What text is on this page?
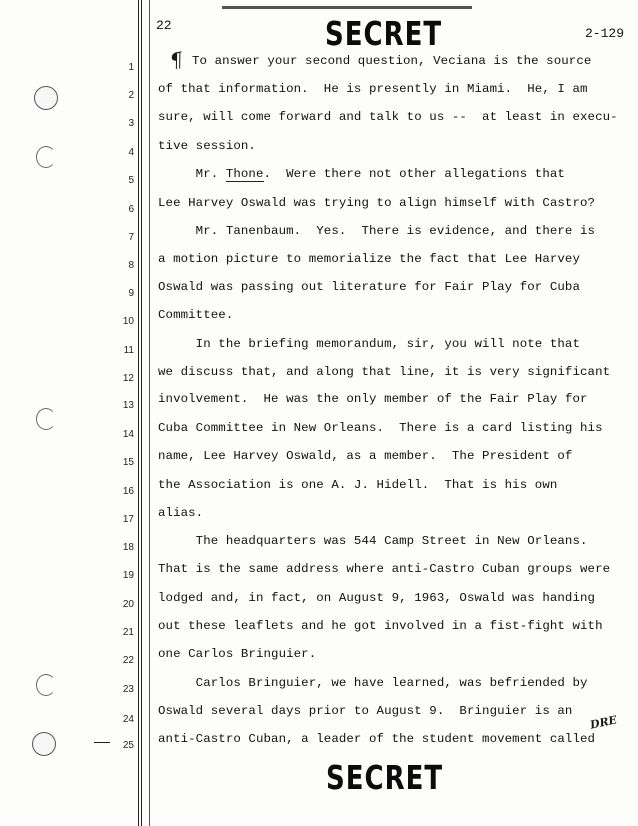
22
2-129
SECRET
SECRET
¶
DRE
1
2
3
4
5
6
7
8
9
10
11
12
13
14
15
16
17
18
19
20
21
22
23
24
25
To answer your second question, Veciana is the source
of that information.  He is presently in Miami.  He, I am
sure, will come forward and talk to us --  at least in execu-
tive session.
Mr. Thone.  Were there not other allegations that
Lee Harvey Oswald was trying to align himself with Castro?
Mr. Tanenbaum.  Yes.  There is evidence, and there is
a motion picture to memorialize the fact that Lee Harvey
Oswald was passing out literature for Fair Play for Cuba
Committee.
In the briefing memorandum, sir, you will note that
we discuss that, and along that line, it is very significant
involvement.  He was the only member of the Fair Play for
Cuba Committee in New Orleans.  There is a card listing his
name, Lee Harvey Oswald, as a member.  The President of
the Association is one A. J. Hidell.  That is his own
alias.
The headquarters was 544 Camp Street in New Orleans.
That is the same address where anti-Castro Cuban groups were
lodged and, in fact, on August 9, 1963, Oswald was handing
out these leaflets and he got involved in a fist-fight with
one Carlos Bringuier.
Carlos Bringuier, we have learned, was befriended by
Oswald several days prior to August 9.  Bringuier is an
anti-Castro Cuban, a leader of the student movement called
